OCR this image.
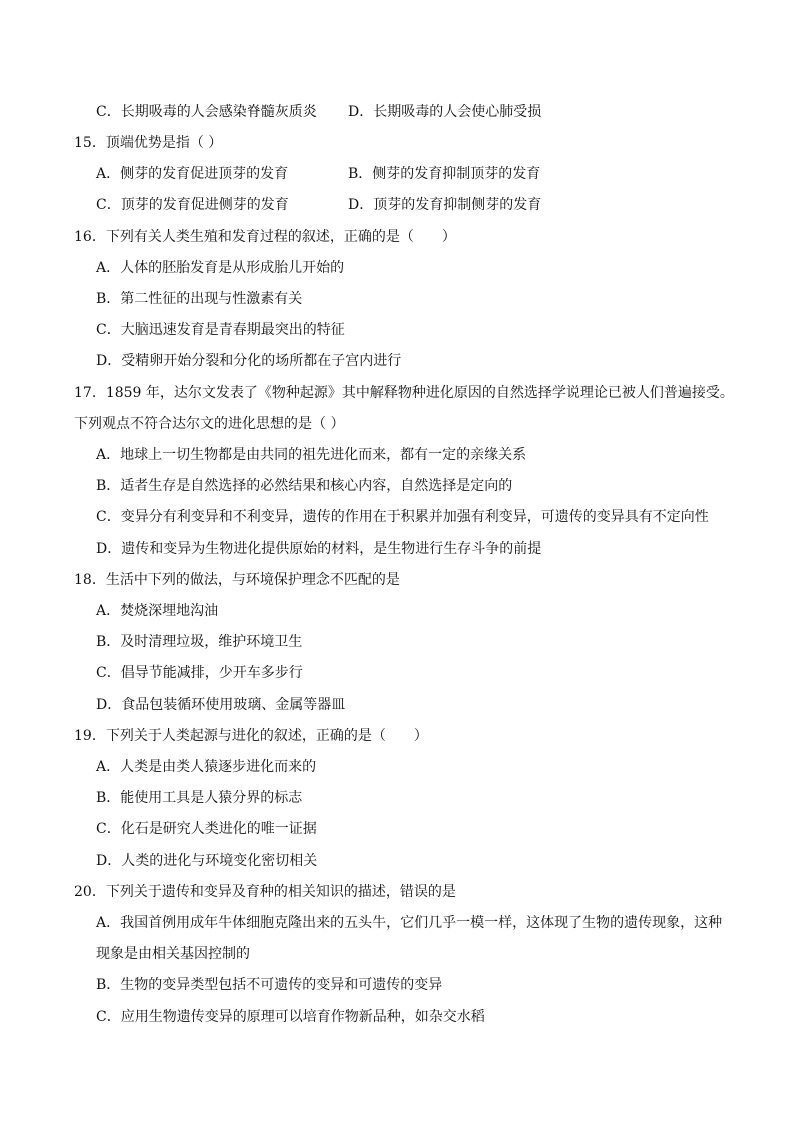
C．长期吸毒的人会感染脊髓灰质炎 D．长期吸毒的人会使心肺受损
15．顶端优势是指（ ）
A．侧芽的发育促进顶芽的发育	B．侧芽的发育抑制顶芽的发育
C．顶芽的发育促进侧芽的发育	D．顶芽的发育抑制侧芽的发育
16．下列有关人类生殖和发育过程的叙述，正确的是（　　）
A．人体的胚胎发育是从形成胎儿开始的
B．第二性征的出现与性激素有关
C．大脑迅速发育是青春期最突出的特征
D．受精卵开始分裂和分化的场所都在子宫内进行
17．1859 年，达尔文发表了《物种起源》其中解释物种进化原因的自然选择学说理论已被人们普遍接受。
下列观点不符合达尔文的进化思想的是（ ）
A．地球上一切生物都是由共同的祖先进化而来，都有一定的亲缘关系
B．适者生存是自然选择的必然结果和核心内容，自然选择是定向的
C．变异分有利变异和不利变异，遗传的作用在于积累并加强有利变异，可遗传的变异具有不定向性
D．遗传和变异为生物进化提供原始的材料，是生物进行生存斗争的前提
18．生活中下列的做法，与环境保护理念不匹配的是
A．焚烧深埋地沟油
B．及时清理垃圾，维护环境卫生
C．倡导节能减排，少开车多步行
D．食品包装循环使用玻璃、金属等器皿
19．下列关于人类起源与进化的叙述，正确的是（　　）
A．人类是由类人猿逐步进化而来的
B．能使用工具是人猿分界的标志
C．化石是研究人类进化的唯一证据
D．人类的进化与环境变化密切相关
20．下列关于遗传和变异及育种的相关知识的描述，错误的是
A．我国首例用成年牛体细胞克隆出来的五头牛，它们几乎一模一样，这体现了生物的遗传现象，这种
现象是由相关基因控制的
B．生物的变异类型包括不可遗传的变异和可遗传的变异
C．应用生物遗传变异的原理可以培育作物新品种，如杂交水稻
